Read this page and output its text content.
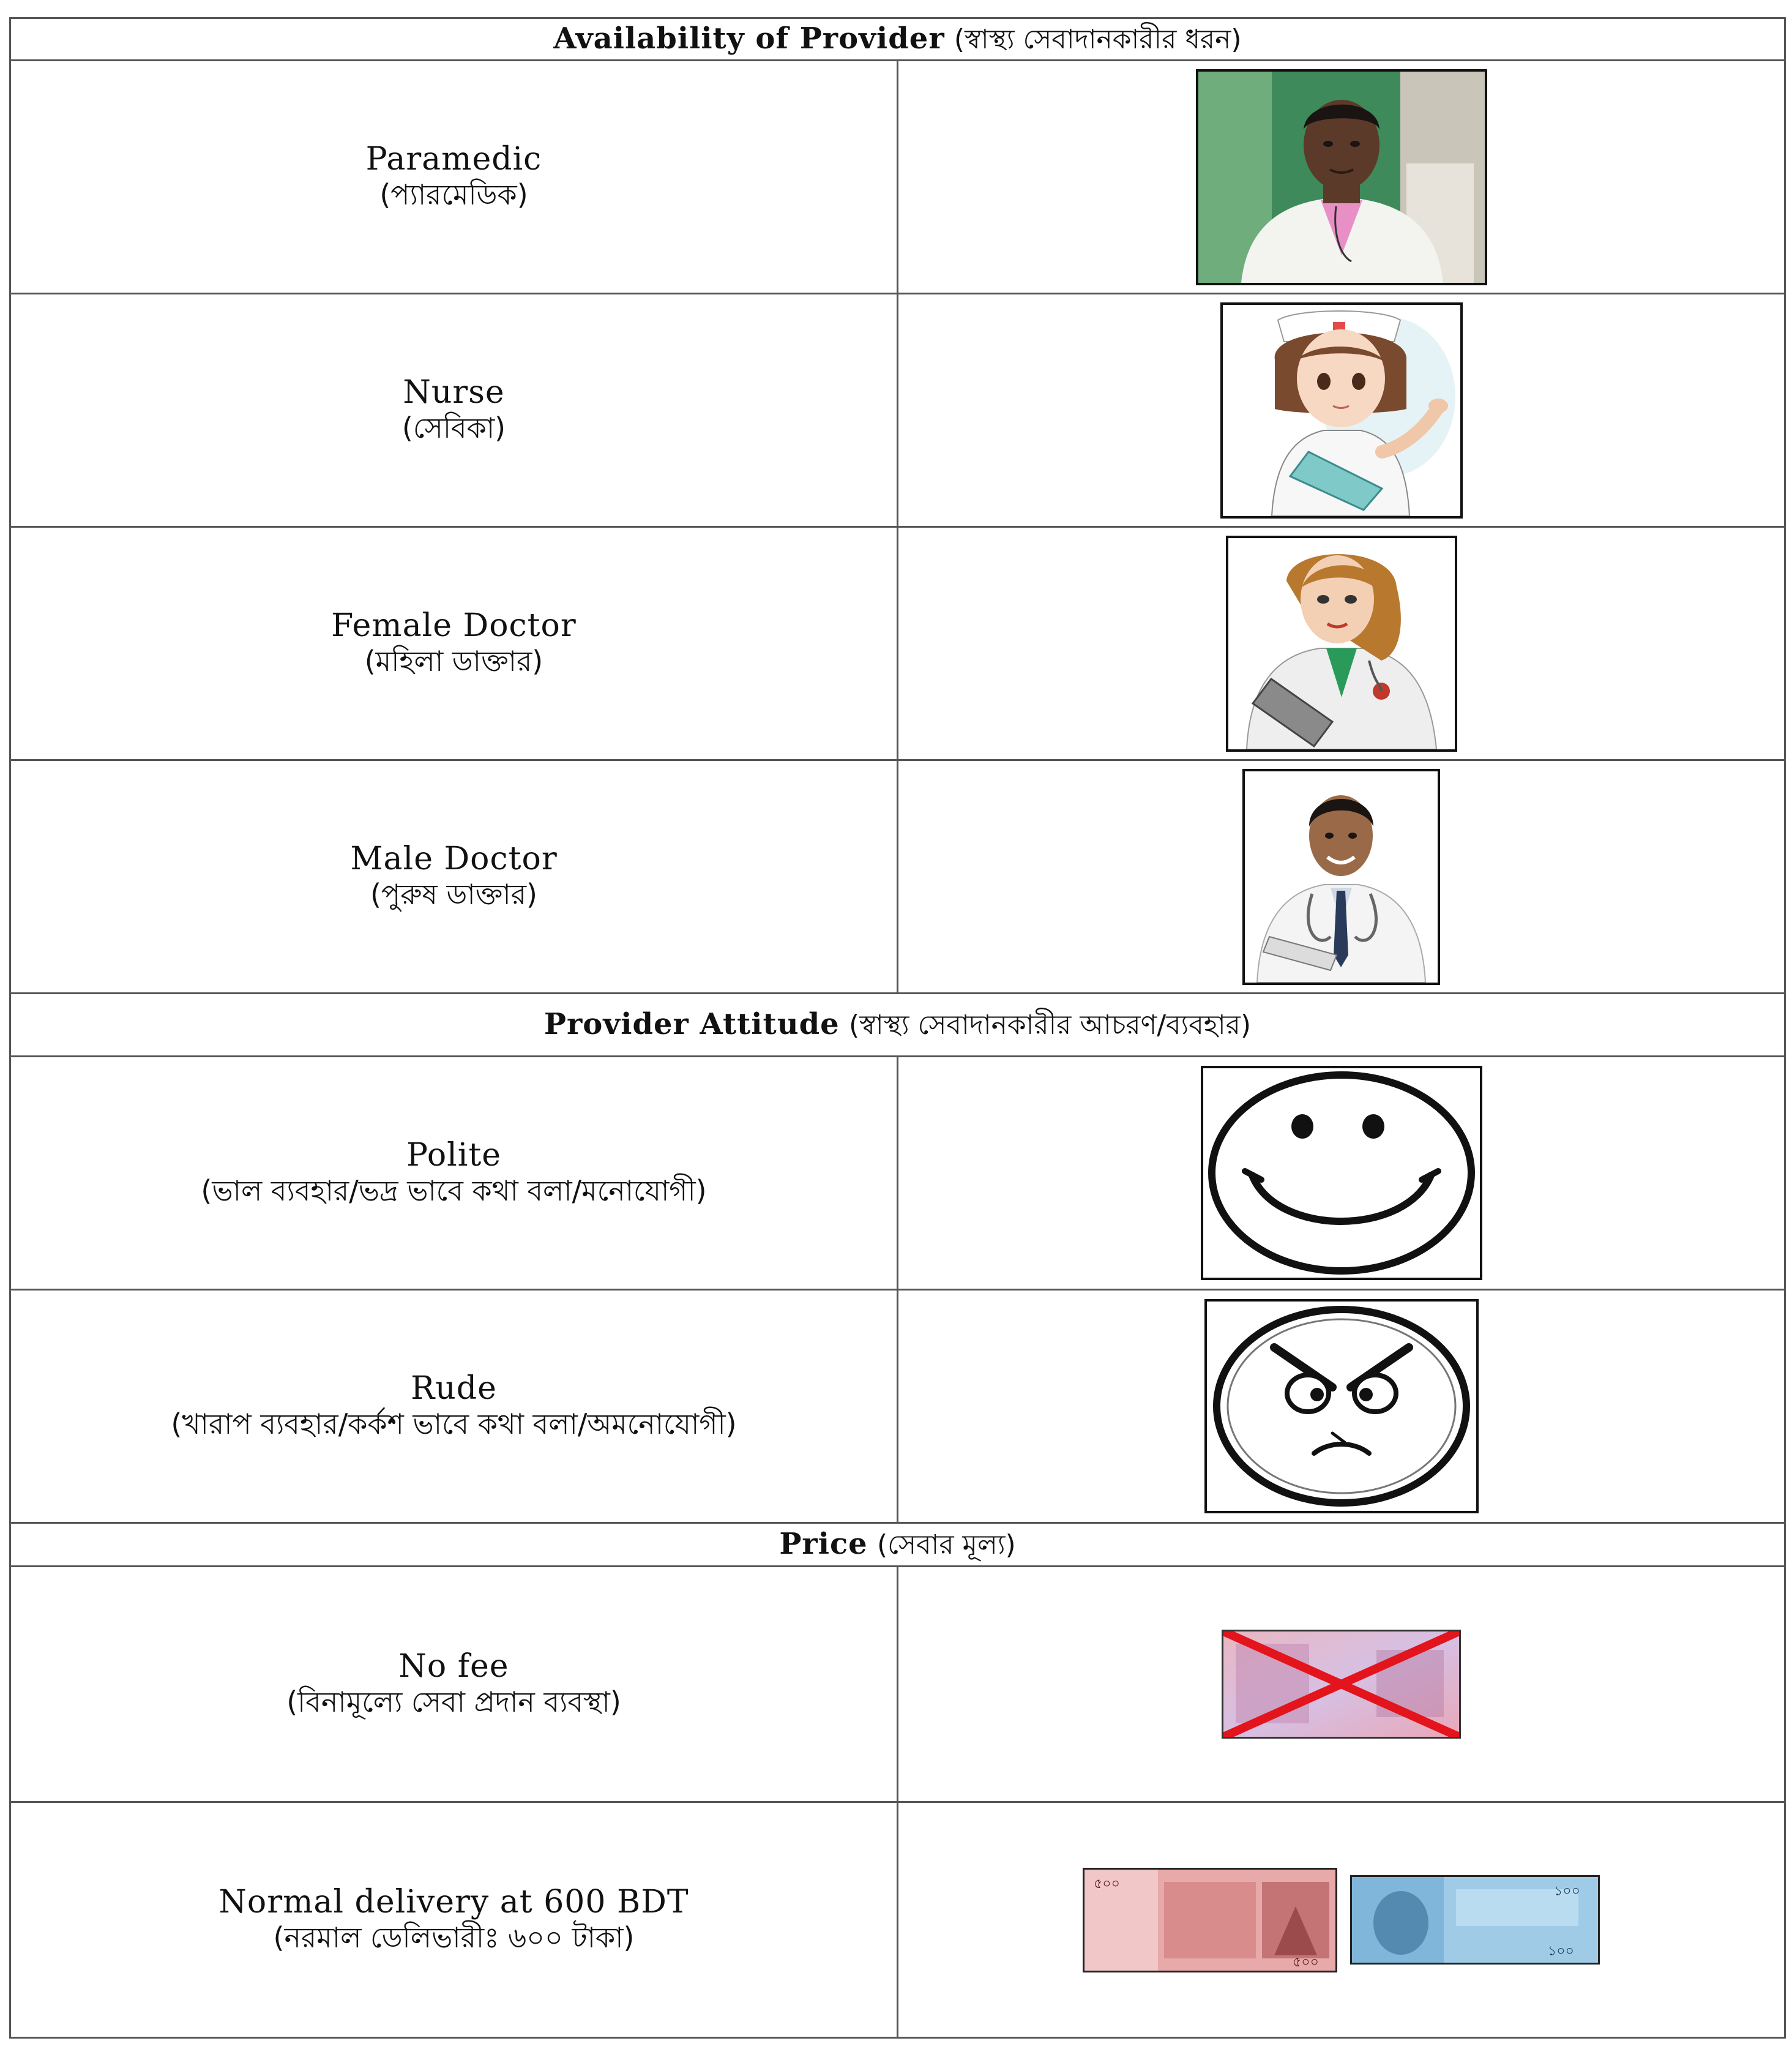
Availability of Provider (স্বাস্থ্য সেবাদানকারীর ধরন)	

Paramedic
(প্যারমেডিক)

Nurse
(সেবিকা)

Female Doctor
(মহিলা ডাক্তার)

Male Doctor
(পুরুষ ডাক্তার)

Provider Attitude (স্বাস্থ্য সেবাদানকারীর আচরণ/ব্যবহার)	

Polite
(ভাল ব্যবহার/ভদ্র ভাবে কথা বলা/মনোযোগী)

Rude
(খারাপ ব্যবহার/কর্কশ ভাবে কথা বলা/অমনোযোগী)

Price (সেবার মূল্য)	

No fee
(বিনামূল্যে সেবা প্রদান ব্যবস্থা)

Normal delivery at 600 BDT
(নরমাল ডেলিভারীঃ ৬০০ টাকা)	৫০০
৫০০

১০০
১০০
